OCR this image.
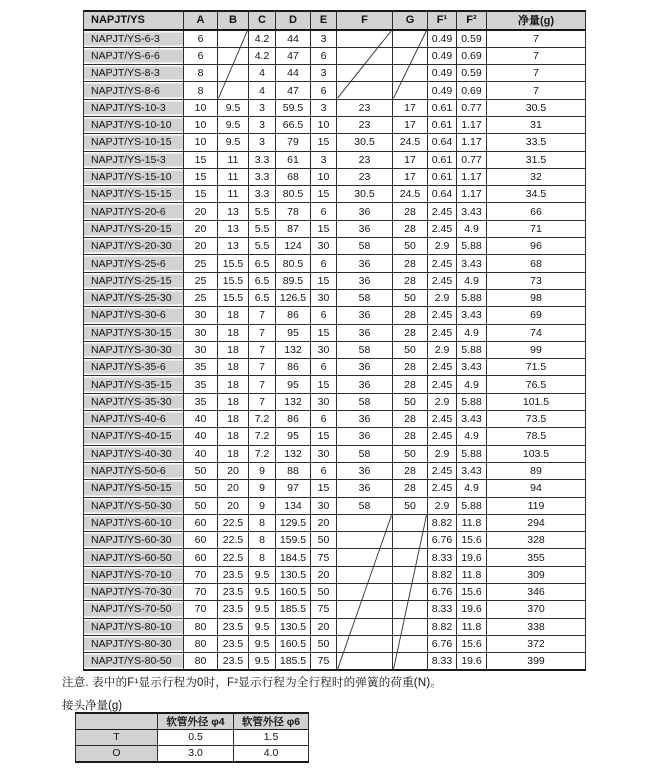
NAPJT/YS	A	B	C	D	E	F	G	F¹	F²	净量(g)
NAPJT/YS-6-3	6		4.2	44	3			0.49	0.59	7
NAPJT/YS-6-6	6		4.2	47	6			0.49	0.69	7
NAPJT/YS-8-3	8		4	44	3			0.49	0.59	7
NAPJT/YS-8-6	8		4	47	6			0.49	0.69	7
NAPJT/YS-10-3	10	9.5	3	59.5	3	23	17	0.61	0.77	30.5
NAPJT/YS-10-10	10	9.5	3	66.5	10	23	17	0.61	1.17	31
NAPJT/YS-10-15	10	9.5	3	79	15	30.5	24.5	0.64	1.17	33.5
NAPJT/YS-15-3	15	11	3.3	61	3	23	17	0.61	0.77	31.5
NAPJT/YS-15-10	15	11	3.3	68	10	23	17	0.61	1.17	32
NAPJT/YS-15-15	15	11	3.3	80.5	15	30.5	24.5	0.64	1.17	34.5
NAPJT/YS-20-6	20	13	5.5	78	6	36	28	2.45	3.43	66
NAPJT/YS-20-15	20	13	5.5	87	15	36	28	2.45	4.9	71
NAPJT/YS-20-30	20	13	5.5	124	30	58	50	2.9	5.88	96
NAPJT/YS-25-6	25	15.5	6.5	80.5	6	36	28	2.45	3.43	68
NAPJT/YS-25-15	25	15.5	6.5	89.5	15	36	28	2.45	4.9	73
NAPJT/YS-25-30	25	15.5	6.5	126.5	30	58	50	2.9	5.88	98
NAPJT/YS-30-6	30	18	7	86	6	36	28	2.45	3.43	69
NAPJT/YS-30-15	30	18	7	95	15	36	28	2.45	4.9	74
NAPJT/YS-30-30	30	18	7	132	30	58	50	2.9	5.88	99
NAPJT/YS-35-6	35	18	7	86	6	36	28	2.45	3.43	71.5
NAPJT/YS-35-15	35	18	7	95	15	36	28	2.45	4.9	76.5
NAPJT/YS-35-30	35	18	7	132	30	58	50	2.9	5.88	101.5
NAPJT/YS-40-6	40	18	7.2	86	6	36	28	2.45	3.43	73.5
NAPJT/YS-40-15	40	18	7.2	95	15	36	28	2.45	4.9	78.5
NAPJT/YS-40-30	40	18	7.2	132	30	58	50	2.9	5.88	103.5
NAPJT/YS-50-6	50	20	9	88	6	36	28	2.45	3.43	89
NAPJT/YS-50-15	50	20	9	97	15	36	28	2.45	4.9	94
NAPJT/YS-50-30	50	20	9	134	30	58	50	2.9	5.88	119
NAPJT/YS-60-10	60	22.5	8	129.5	20			8.82	11.8	294
NAPJT/YS-60-30	60	22.5	8	159.5	50			6.76	15.6	328
NAPJT/YS-60-50	60	22.5	8	184.5	75			8.33	19.6	355
NAPJT/YS-70-10	70	23.5	9.5	130.5	20			8.82	11.8	309
NAPJT/YS-70-30	70	23.5	9.5	160.5	50			6.76	15.6	346
NAPJT/YS-70-50	70	23.5	9.5	185.5	75			8.33	19.6	370
NAPJT/YS-80-10	80	23.5	9.5	130.5	20			8.82	11.8	338
NAPJT/YS-80-30	80	23.5	9.5	160.5	50			6.76	15.6	372
NAPJT/YS-80-50	80	23.5	9.5	185.5	75			8.33	19.6	399
注意. 表中的F¹显示行程为0时，F²显示行程为全行程时的弹簧的荷重(N)。
接头净量(g)
	软管外径 φ4	软管外径 φ6
T	0.5	1.5
O	3.0	4.0
